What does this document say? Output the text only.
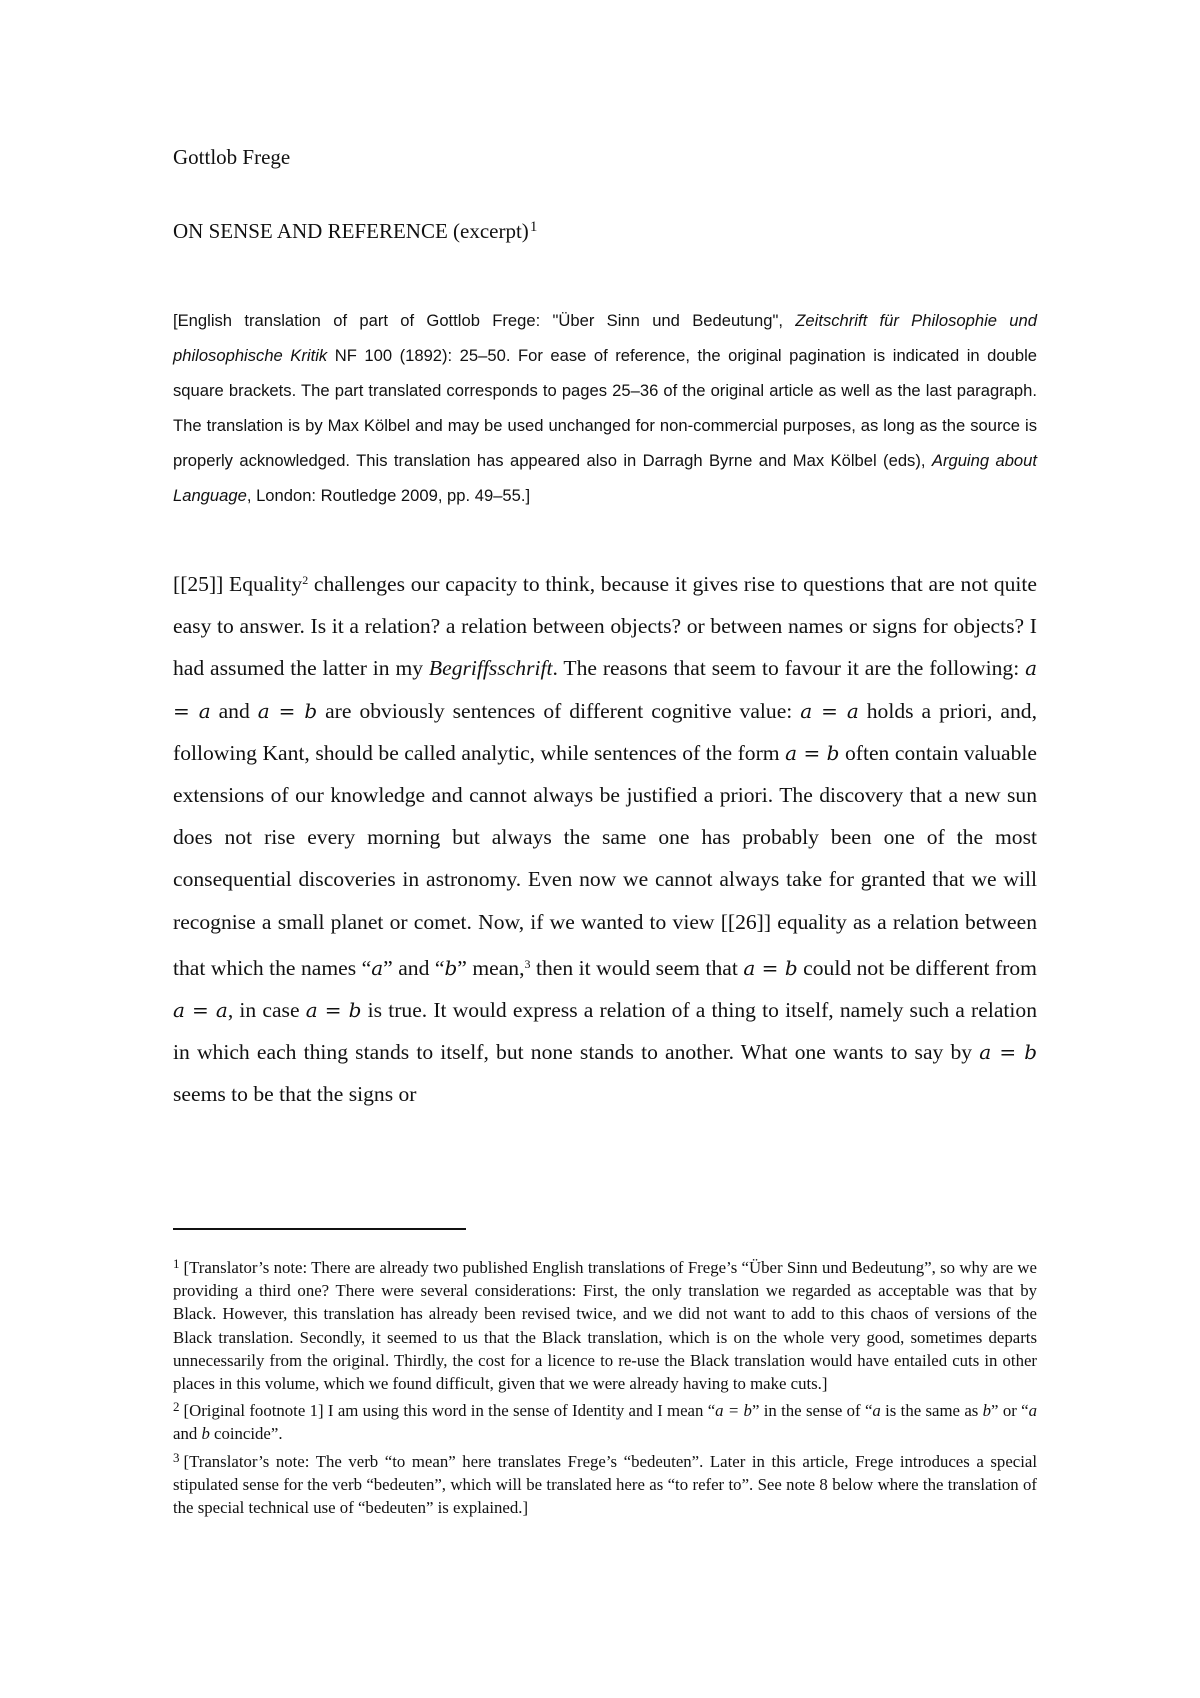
Gottlob Frege
ON SENSE AND REFERENCE (excerpt)$^1$
[English translation of part of Gottlob Frege: "Über Sinn und Bedeutung", Zeitschrift für Philosophie und philosophische Kritik NF 100 (1892): 25–50. For ease of reference, the original pagination is indicated in double square brackets. The part translated corresponds to pages 25–36 of the original article as well as the last paragraph. The translation is by Max Kölbel and may be used unchanged for non-commercial purposes, as long as the source is properly acknowledged. This translation has appeared also in Darragh Byrne and Max Kölbel (eds), Arguing about Language, London: Routledge 2009, pp. 49–55.]
[[25]] Equality$^2$ challenges our capacity to think, because it gives rise to questions that are not quite easy to answer. Is it a relation? a relation between objects? or between names or signs for objects? I had assumed the latter in my Begriffsschrift. The reasons that seem to favour it are the following: a = a and a = b are obviously sentences of different cognitive value: a = a holds a priori, and, following Kant, should be called analytic, while sentences of the form a = b often contain valuable extensions of our knowledge and cannot always be justified a priori. The discovery that a new sun does not rise every morning but always the same one has probably been one of the most consequential discoveries in astronomy. Even now we cannot always take for granted that we will recognise a small planet or comet. Now, if we wanted to view [[26]] equality as a relation between that which the names “a” and “b” mean,$^3$ then it would seem that a = b could not be different from a = a, in case a = b is true. It would express a relation of a thing to itself, namely such a relation in which each thing stands to itself, but none stands to another. What one wants to say by a = b seems to be that the signs or

$^1$ [Translator’s note: There are already two published English translations of Frege’s “Über Sinn und Bedeutung”, so why are we providing a third one? There were several considerations: First, the only translation we regarded as acceptable was that by Black. However, this translation has already been revised twice, and we did not want to add to this chaos of versions of the Black translation. Secondly, it seemed to us that the Black translation, which is on the whole very good, sometimes departs unnecessarily from the original. Thirdly, the cost for a licence to re-use the Black translation would have entailed cuts in other places in this volume, which we found difficult, given that we were already having to make cuts.]

$^2$ [Original footnote 1] I am using this word in the sense of Identity and I mean “a = b” in the sense of “a is the same as b” or “a and b coincide”.

$^3$ [Translator’s note: The verb “to mean” here translates Frege’s “bedeuten”. Later in this article, Frege introduces a special stipulated sense for the verb “bedeuten”, which will be translated here as “to refer to”. See note 8 below where the translation of the special technical use of “bedeuten” is explained.]
